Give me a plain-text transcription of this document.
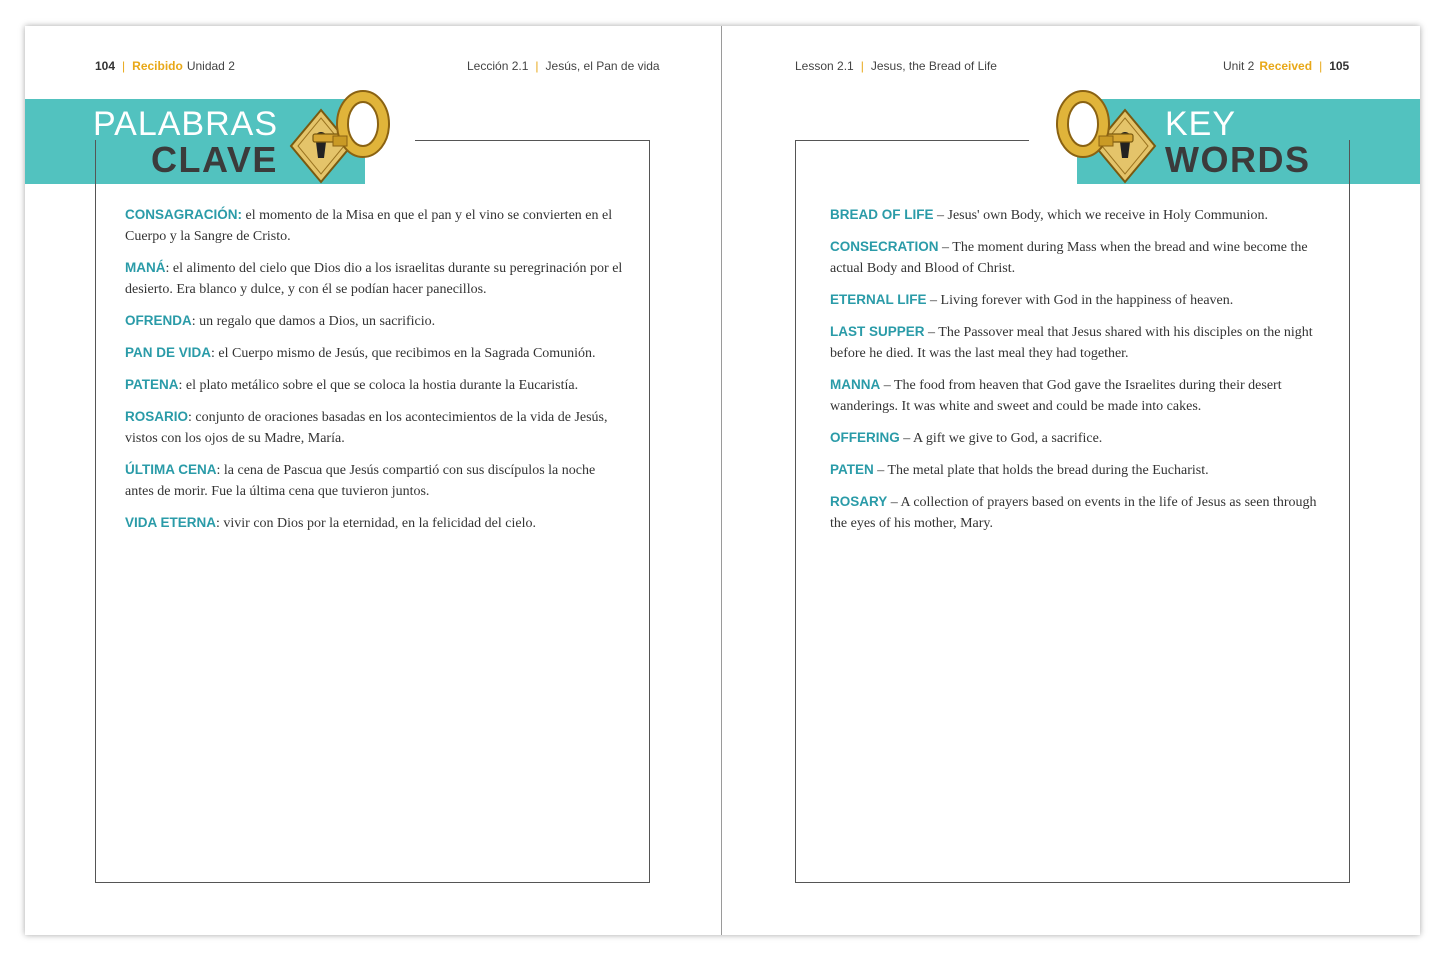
104 | Recibido Unidad 2	Lección 2.1 | Jesús, el Pan de vida
PALABRAS
CLAVE
CONSAGRACIÓN: el momento de la Misa en que el pan y el vino se convierten en el Cuerpo y la Sangre de Cristo.
MANÁ: el alimento del cielo que Dios dio a los israelitas durante su peregrinación por el desierto. Era blanco y dulce, y con él se podían hacer panecillos.
OFRENDA: un regalo que damos a Dios, un sacrificio.
PAN DE VIDA: el Cuerpo mismo de Jesús, que recibimos en la Sagrada Comunión.
PATENA: el plato metálico sobre el que se coloca la hostia durante la Eucaristía.
ROSARIO: conjunto de oraciones basadas en los acontecimientos de la vida de Jesús, vistos con los ojos de su Madre, María.
ÚLTIMA CENA: la cena de Pascua que Jesús compartió con sus discípulos la noche antes de morir. Fue la última cena que tuvieron juntos.
VIDA ETERNA: vivir con Dios por la eternidad, en la felicidad del cielo.
Lesson 2.1 | Jesus, the Bread of Life	Unit 2 Received | 105
KEY
WORDS
BREAD OF LIFE – Jesus' own Body, which we receive in Holy Communion.
CONSECRATION – The moment during Mass when the bread and wine become the actual Body and Blood of Christ.
ETERNAL LIFE – Living forever with God in the happiness of heaven.
LAST SUPPER – The Passover meal that Jesus shared with his disciples on the night before he died. It was the last meal they had together.
MANNA – The food from heaven that God gave the Israelites during their desert wanderings. It was white and sweet and could be made into cakes.
OFFERING – A gift we give to God, a sacrifice.
PATEN – The metal plate that holds the bread during the Eucharist.
ROSARY – A collection of prayers based on events in the life of Jesus as seen through the eyes of his mother, Mary.
